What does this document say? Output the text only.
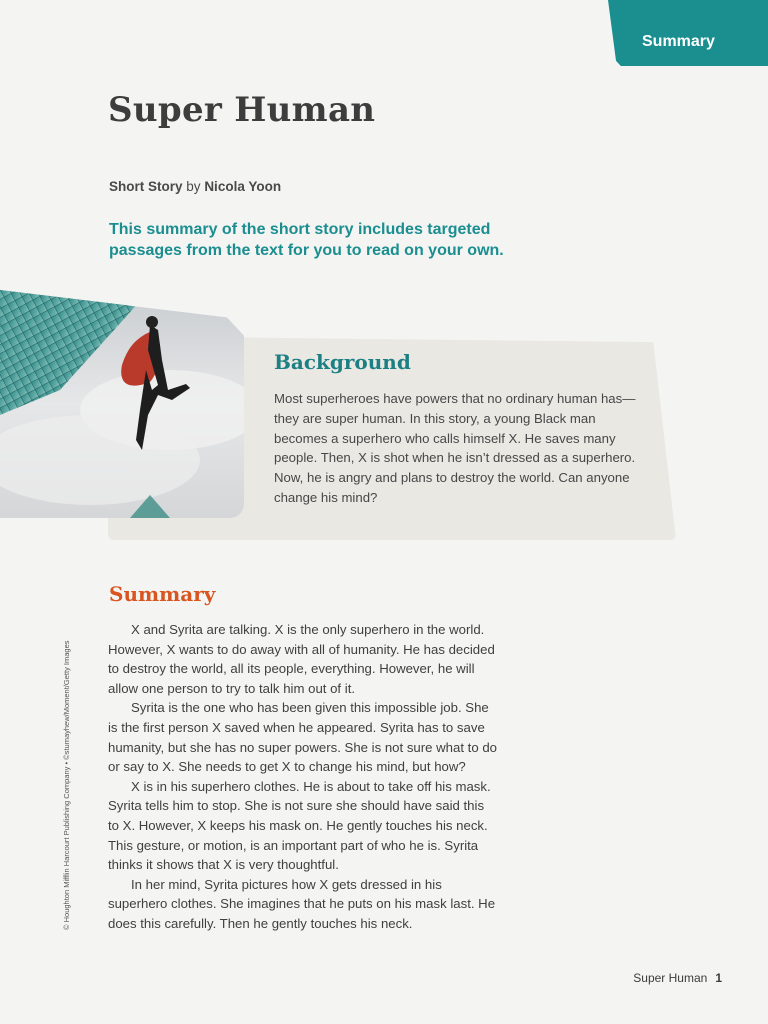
Summary
Super Human
Short Story by Nicola Yoon

This summary of the short story includes targeted passages from the text for you to read on your own.

Background

Most superheroes have powers that no ordinary human has—they are super human. In this story, a young Black man becomes a superhero who calls himself X. He saves many people. Then, X is shot when he isn’t dressed as a superhero. Now, he is angry and plans to destroy the world. Can anyone change his mind?

Summary

X and Syrita are talking. X is the only superhero in the world. However, X wants to do away with all of humanity. He has decided to destroy the world, all its people, everything. However, he will allow one person to try to talk him out of it.

Syrita is the one who has been given this impossible job. She is the first person X saved when he appeared. Syrita has to save humanity, but she has no super powers. She is not sure what to do or say to X. She needs to get X to change his mind, but how?

X is in his superhero clothes. He is about to take off his mask. Syrita tells him to stop. She is not sure she should have said this to X. However, X keeps his mask on. He gently touches his neck. This gesture, or motion, is an important part of who he is. Syrita thinks it shows that X is very thoughtful.

In her mind, Syrita pictures how X gets dressed in his superhero clothes. She imagines that he puts on his mask last. He does this carefully. Then he gently touches his neck.

© Houghton Mifflin Harcourt Publishing Company • ©stumayhew/Moment/Getty Images
Super Human 1
